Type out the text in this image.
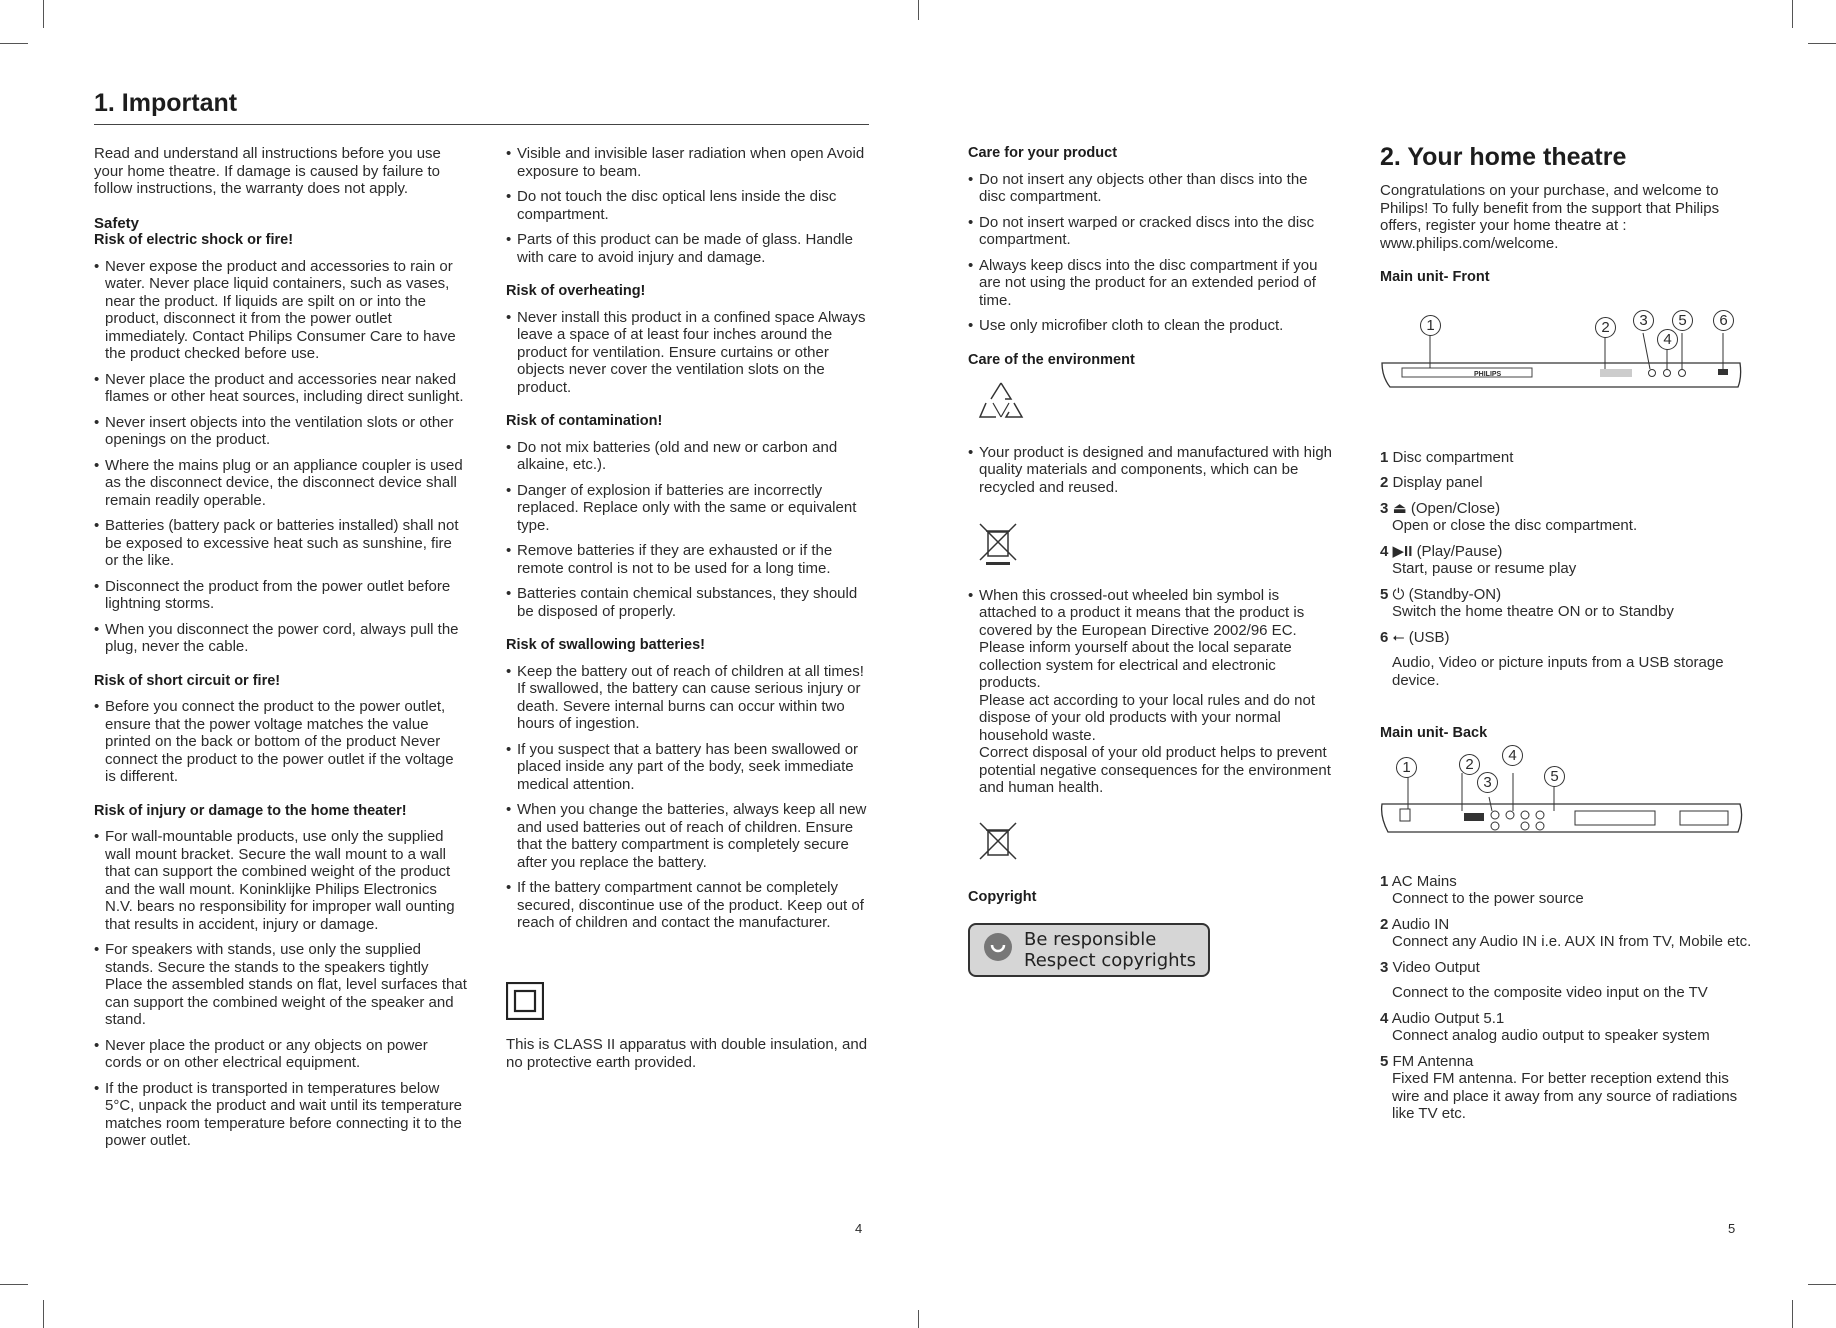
1. Important

Read and understand all instructions before you use your home theatre. If damage is caused by failure to follow instructions, the warranty does not apply.

Safety
Risk of electric shock or fire!
• Never expose the product and accessories to rain or water. Never place liquid containers, such as vases, near the product. If liquids are spilt on or into the product, disconnect it from the power outlet immediately. Contact Philips Consumer Care to have the product checked before use.
• Never place the product and accessories near naked flames or other heat sources, including direct sunlight.
• Never insert objects into the ventilation slots or other openings on the product.
• Where the mains plug or an appliance coupler is used as the disconnect device, the disconnect device shall remain readily operable.
• Batteries (battery pack or batteries installed) shall not be exposed to excessive heat such as sunshine, fire or the like.
• Disconnect the product from the power outlet before lightning storms.
• When you disconnect the power cord, always pull the plug, never the cable.
Risk of short circuit or fire!
• Before you connect the product to the power outlet, ensure that the power voltage matches the value printed on the back or bottom of the product Never connect the product to the power outlet if the voltage is different.
Risk of injury or damage to the home theater!
• For wall-mountable products, use only the supplied wall mount bracket. Secure the wall mount to a wall that can support the combined weight of the product and the wall mount. Koninklijke Philips Electronics N.V. bears no responsibility for improper wall ounting that results in accident, injury or damage.
• For speakers with stands, use only the supplied stands. Secure the stands to the speakers tightly Place the assembled stands on flat, level surfaces that can support the combined weight of the speaker and stand.
• Never place the product or any objects on power cords or on other electrical equipment.
• If the product is transported in temperatures below 5°C, unpack the product and wait until its temperature matches room temperature before connecting it to the power outlet.
• Visible and invisible laser radiation when open Avoid exposure to beam.
• Do not touch the disc optical lens inside the disc compartment.
• Parts of this product can be made of glass. Handle with care to avoid injury and damage.
Risk of overheating!
• Never install this product in a confined space Always leave a space of at least four inches around the product for ventilation. Ensure curtains or other objects never cover the ventilation slots on the product.
Risk of contamination!
• Do not mix batteries (old and new or carbon and alkaine, etc.).
• Danger of explosion if batteries are incorrectly replaced. Replace only with the same or equivalent type.
• Remove batteries if they are exhausted or if the remote control is not to be used for a long time.
• Batteries contain chemical substances, they should be disposed of properly.
Risk of swallowing batteries!
• Keep the battery out of reach of children at all times! If swallowed, the battery can cause serious injury or death. Severe internal burns can occur within two hours of ingestion.
• If you suspect that a battery has been swallowed or placed inside any part of the body, seek immediate medical attention.
• When you change the batteries, always keep all new and used batteries out of reach of children. Ensure that the battery compartment is completely secure after you replace the battery.
• If the battery compartment cannot be completely secured, discontinue use of the product. Keep out of reach of children and contact the manufacturer.

This is CLASS II apparatus with double insulation, and no protective earth provided.

4
Care for your product
• Do not insert any objects other than discs into the disc compartment.
• Do not insert warped or cracked discs into the disc compartment.
• Always keep discs into the disc compartment if you are not using the product for an extended period of time.
• Use only microfiber cloth to clean the product.
Care of the environment
• Your product is designed and manufactured with high quality materials and components, which can be recycled and reused.
• When this crossed-out wheeled bin symbol is attached to a product it means that the product is covered by the European Directive 2002/96 EC. Please inform yourself about the local separate collection system for electrical and electronic products.
Please act according to your local rules and do not dispose of your old products with your normal household waste.
Correct disposal of your old product helps to prevent potential negative consequences for the environment and human health.
Copyright
Be responsible
Respect copyrights
2. Your home theatre

Congratulations on your purchase, and welcome to Philips! To fully benefit from the support that Philips offers, register your home theatre at : www.philips.com/welcome.

Main unit- Front
PHILIPS
1	2	3
4
5	6
1 Disc compartment
2 Display panel
3 ⏏ (Open/Close)
Open or close the disc compartment.
4 ▶II (Play/Pause)
Start, pause or resume play
5 ⏻ (Standby-ON)
Switch the home theatre ON or to Standby
6 ⭠ (USB)
Audio, Video or picture inputs from a USB storage device.
Main unit- Back
1	2
3
4
5
1 AC Mains
Connect to the power source
2 Audio IN
Connect any Audio IN i.e. AUX IN from TV, Mobile etc.
3 Video Output
Connect to the composite video input on the TV
4 Audio Output 5.1
Connect analog audio output to speaker system
5 FM Antenna
Fixed FM antenna. For better reception extend this wire and place it away from any source of radiations like TV etc.
5
